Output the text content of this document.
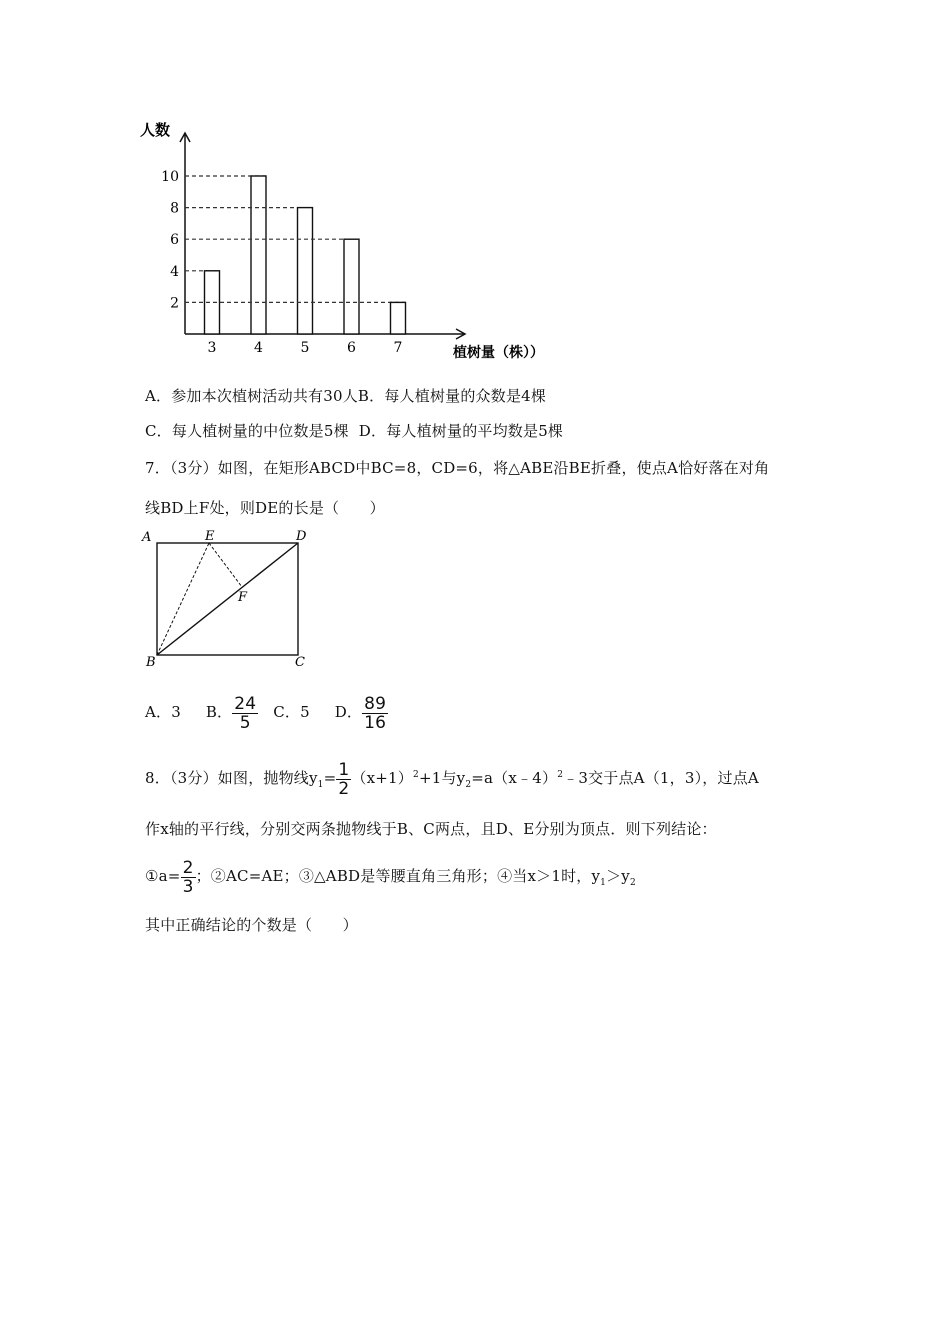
人数
植树量（株））
2
4
6
8
10
3	4	5	6	7
A．参加本次植树活动共有30人B．每人植树量的众数是4棵
C．每人植树量的中位数是5棵 D．每人植树量的平均数是5棵
7．（3分）如图，在矩形ABCD中BC=8，CD=6，将△ABE沿BE折叠，使点A恰好落在对角
线BD上F处，则DE的长是（　　）
A	E	D
F
B	C
A．3 B． $\frac{24}{5}$ C．5 D． $\frac{89}{16}$
8．（3分）如图，抛物线$y_1= \frac{1}{2} (x+1)^2+1$与$y_2=a(x﹣4)^2﹣3$交于点A（1，3），过点A
作x轴的平行线，分别交两条抛物线于B、C两点，且D、E分别为顶点．则下列结论：
①a= $\frac{2}{3}$ ；②AC=AE；③△ABD是等腰直角三角形；④当x＞1时，$y_1>y_2$
其中正确结论的个数是（　　）
